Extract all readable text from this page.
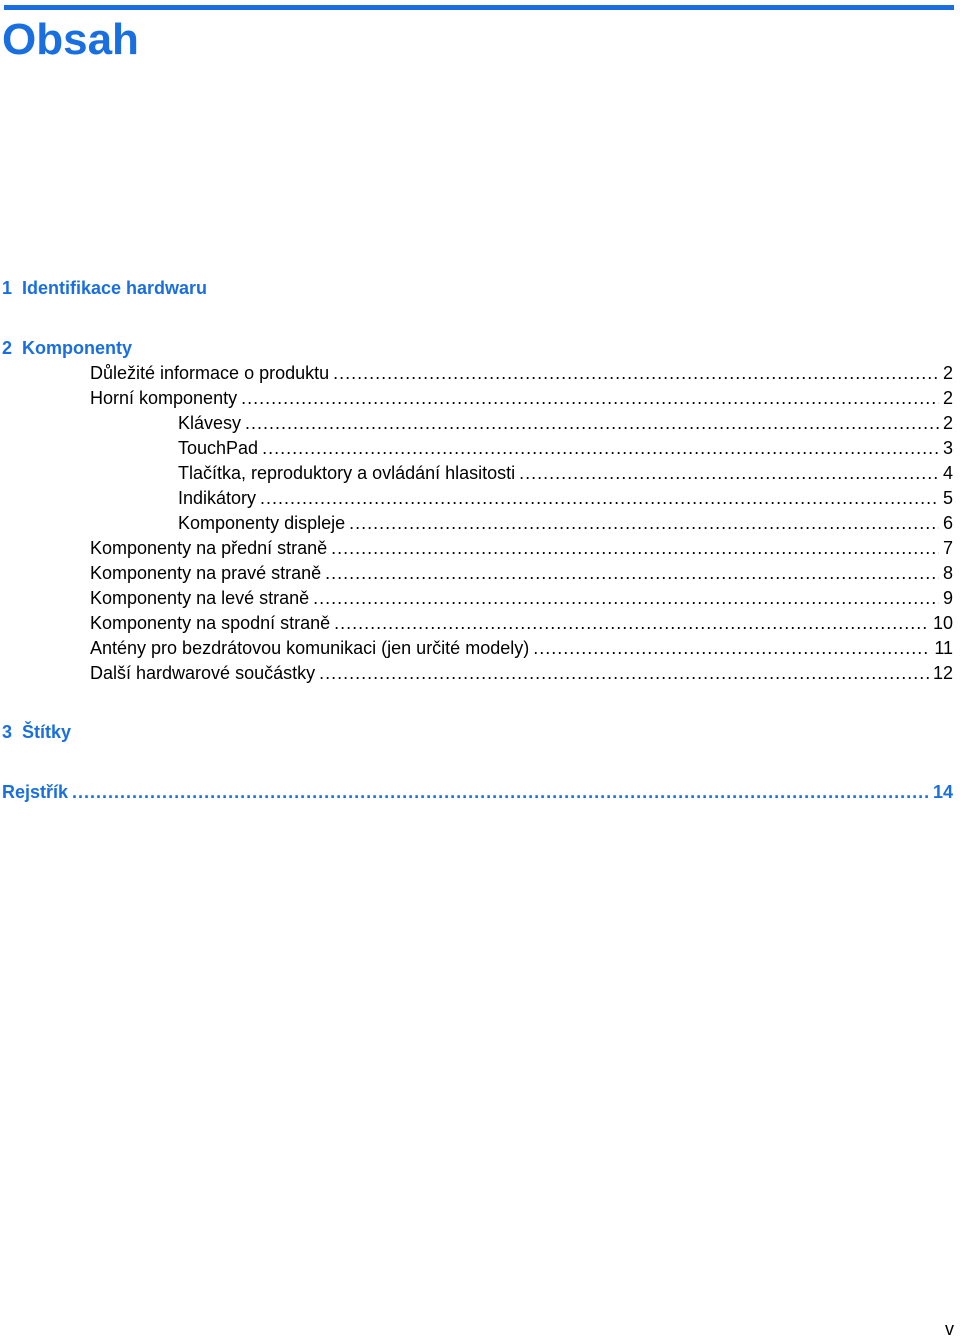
Obsah
1 Identifikace hardwaru
2 Komponenty
Důležité informace o produktu .....	2
Horní komponenty .....	2
Klávesy .....	2
TouchPad .....	3
Tlačítka, reproduktory a ovládání hlasitosti .....	4
Indikátory .....	5
Komponenty displeje .....	6
Komponenty na přední straně .....	7
Komponenty na pravé straně .....	8
Komponenty na levé straně .....	9
Komponenty na spodní straně .....	10
Antény pro bezdrátovou komunikaci (jen určité modely) .....	11
Další hardwarové součástky .....	12
3 Štítky
Rejstřík .....	14
v
